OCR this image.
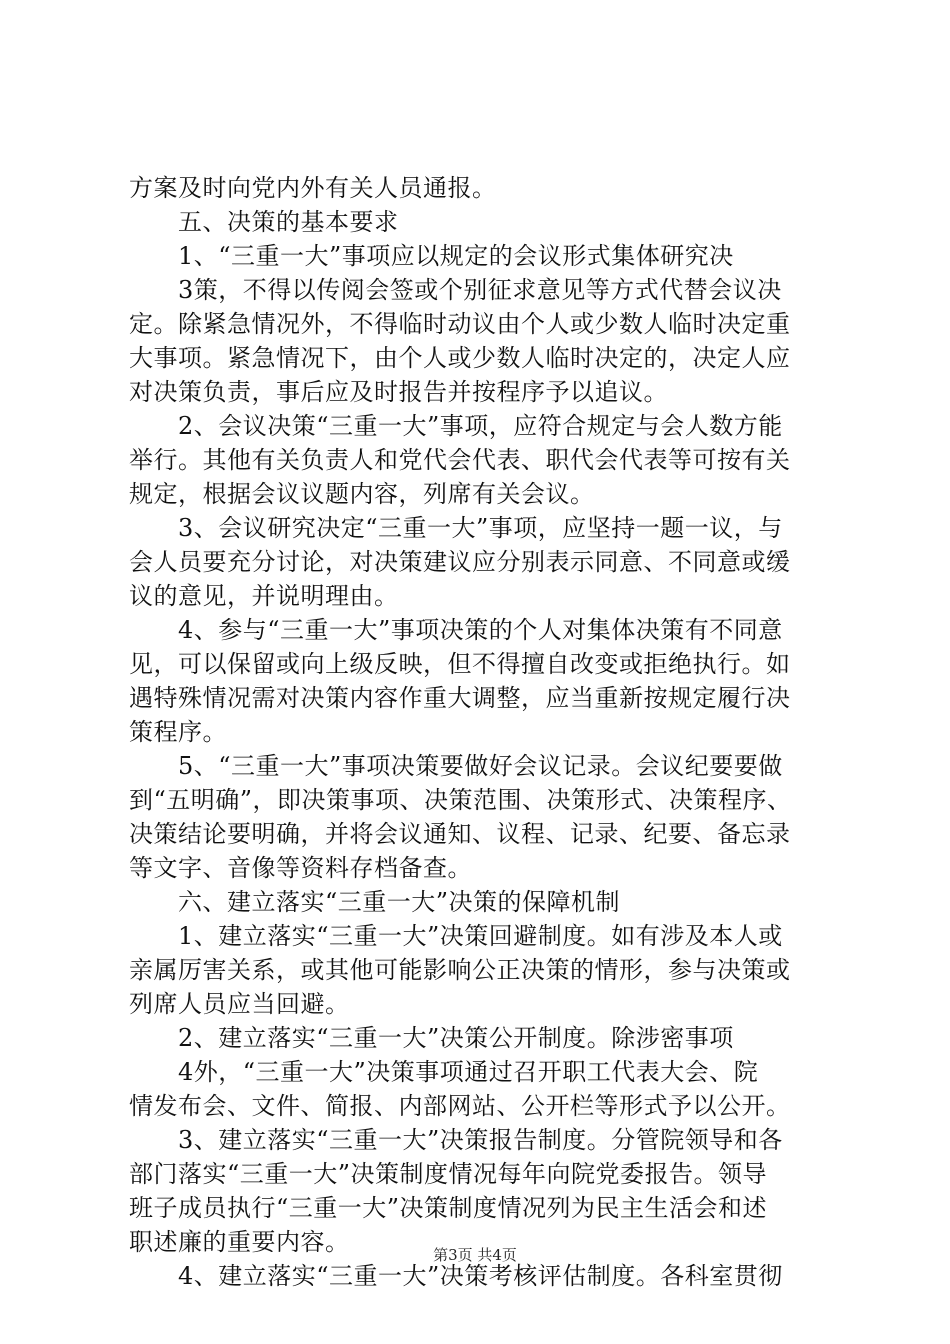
方案及时向党内外有关人员通报。
　　五、决策的基本要求
　　1、“三重一大”事项应以规定的会议形式集体研究决
　　3策，不得以传阅会签或个别征求意见等方式代替会议决
定。除紧急情况外，不得临时动议由个人或少数人临时决定重
大事项。紧急情况下，由个人或少数人临时决定的，决定人应
对决策负责，事后应及时报告并按程序予以追议。
　　2、会议决策“三重一大”事项，应符合规定与会人数方能
举行。其他有关负责人和党代会代表、职代会代表等可按有关
规定，根据会议议题内容，列席有关会议。
　　3、会议研究决定“三重一大”事项，应坚持一题一议，与
会人员要充分讨论，对决策建议应分别表示同意、不同意或缓
议的意见，并说明理由。
　　4、参与“三重一大”事项决策的个人对集体决策有不同意
见，可以保留或向上级反映，但不得擅自改变或拒绝执行。如
遇特殊情况需对决策内容作重大调整，应当重新按规定履行决
策程序。
　　5、“三重一大”事项决策要做好会议记录。会议纪要要做
到“五明确”，即决策事项、决策范围、决策形式、决策程序、
决策结论要明确，并将会议通知、议程、记录、纪要、备忘录
等文字、音像等资料存档备查。
　　六、建立落实“三重一大”决策的保障机制
　　1、建立落实“三重一大”决策回避制度。如有涉及本人或
亲属厉害关系，或其他可能影响公正决策的情形，参与决策或
列席人员应当回避。
　　2、建立落实“三重一大”决策公开制度。除涉密事项
　　4外，“三重一大”决策事项通过召开职工代表大会、院
情发布会、文件、简报、内部网站、公开栏等形式予以公开。
　　3、建立落实“三重一大”决策报告制度。分管院领导和各
部门落实“三重一大”决策制度情况每年向院党委报告。领导
班子成员执行“三重一大”决策制度情况列为民主生活会和述
职述廉的重要内容。
　　4、建立落实“三重一大”决策考核评估制度。各科室贯彻
第3页 共4页
